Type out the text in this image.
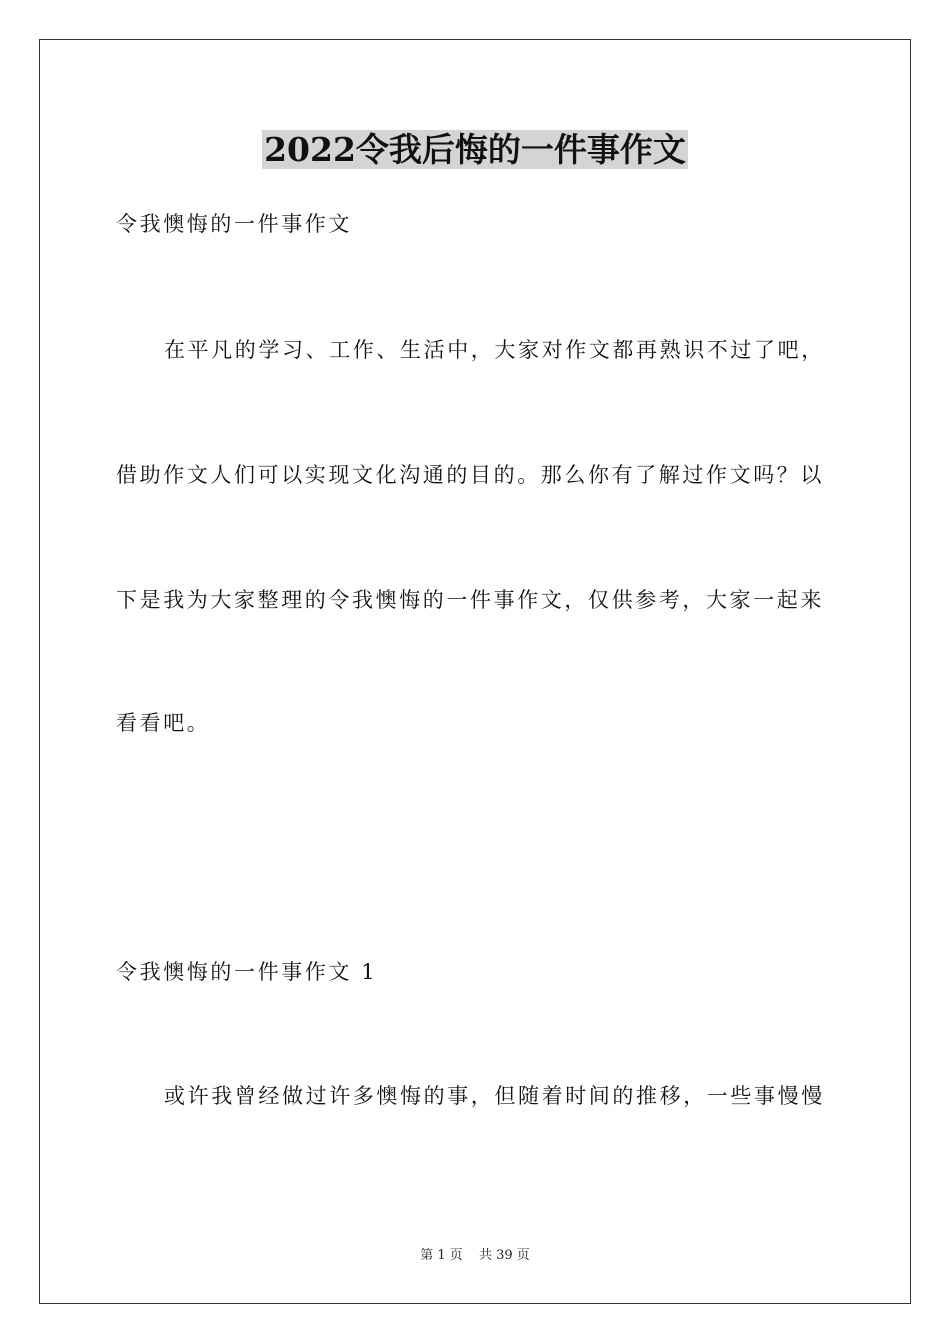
2022令我后悔的一件事作文
令我懊悔的一件事作文
在平凡的学习、工作、生活中，大家对作文都再熟识不过了吧，
借助作文人们可以实现文化沟通的目的。那么你有了解过作文吗？以
下是我为大家整理的令我懊悔的一件事作文，仅供参考，大家一起来
看看吧。
令我懊悔的一件事作文 1
或许我曾经做过许多懊悔的事，但随着时间的推移，一些事慢慢
第 1 页 共 39 页
